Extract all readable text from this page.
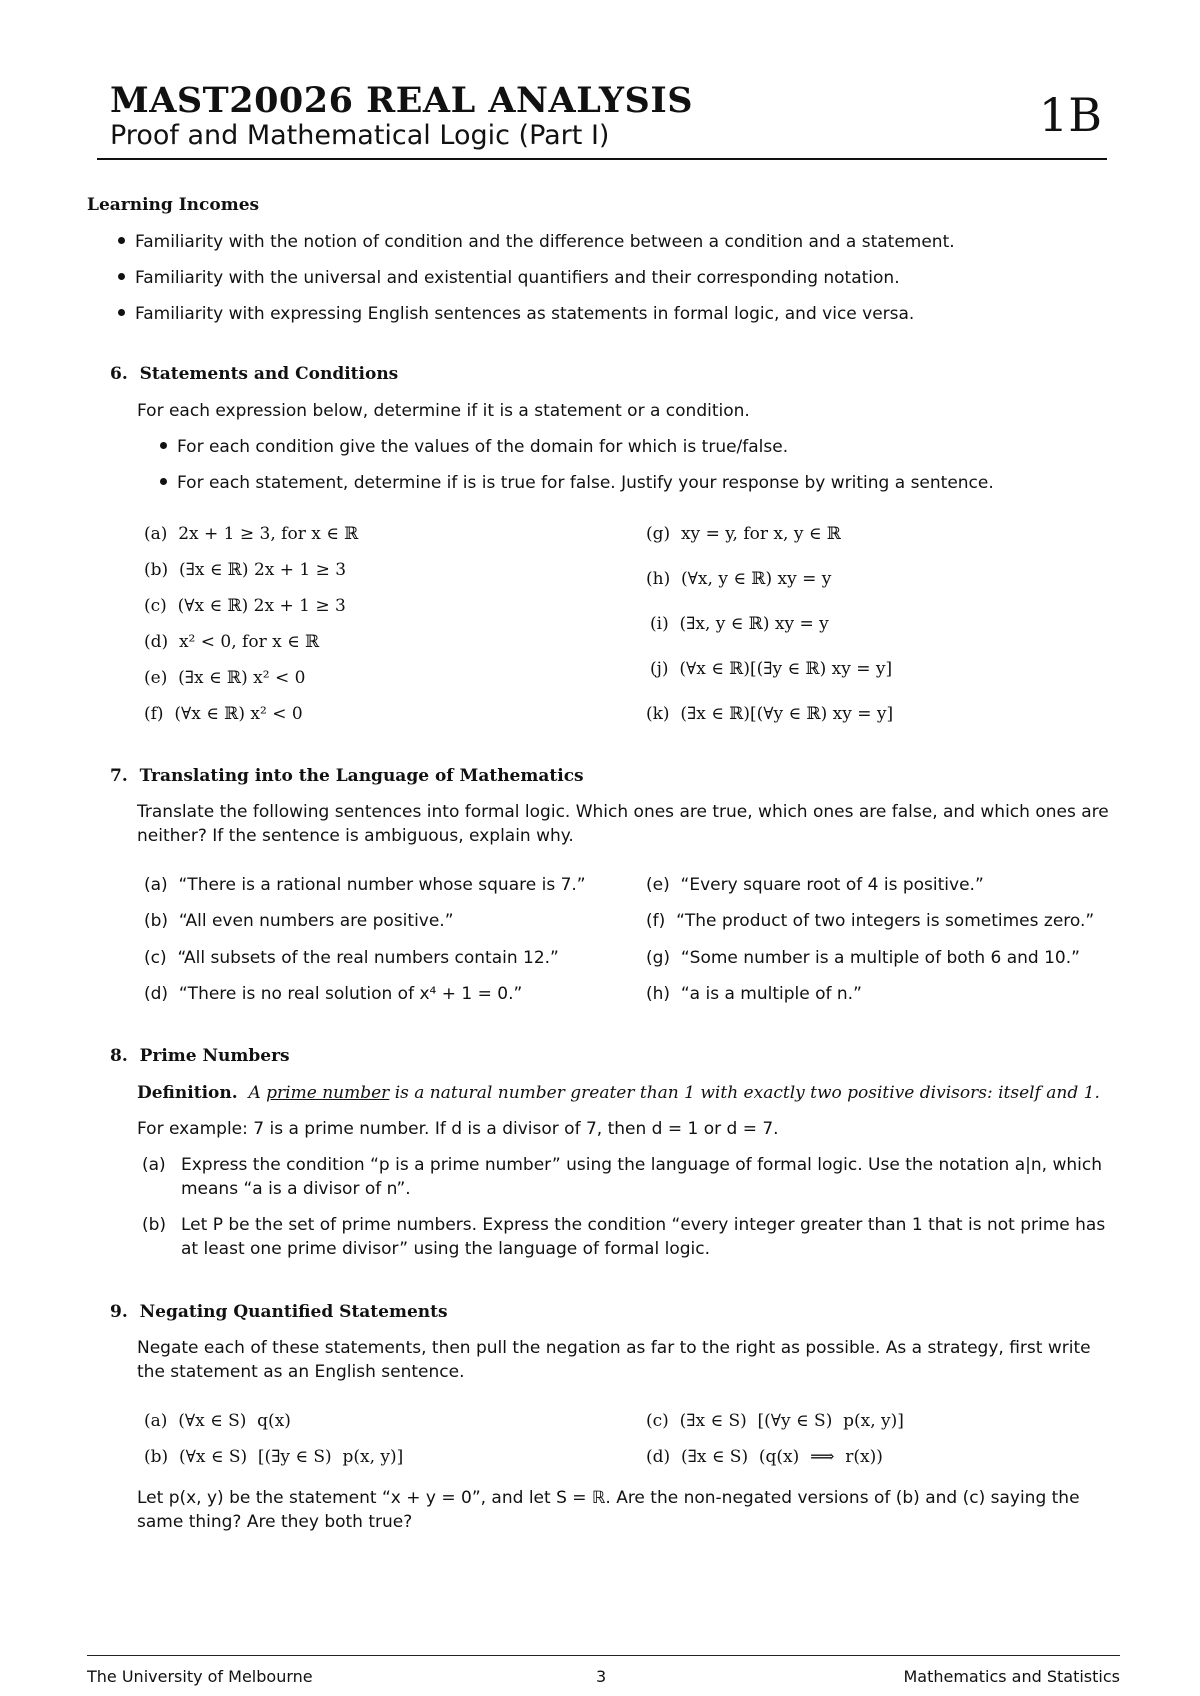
MAST20026 REAL ANALYSIS
Proof and Mathematical Logic (Part I)	1B
Learning Incomes
Familiarity with the notion of condition and the difference between a condition and a statement.
Familiarity with the universal and existential quantifiers and their corresponding notation.
Familiarity with expressing English sentences as statements in formal logic, and vice versa.
6. Statements and Conditions
For each expression below, determine if it is a statement or a condition.
For each condition give the values of the domain for which is true/false.
For each statement, determine if is is true for false. Justify your response by writing a sentence.
(a) 2x + 1 ≥ 3, for x ∈ ℝ
(b) (∃x ∈ ℝ) 2x + 1 ≥ 3
(c) (∀x ∈ ℝ) 2x + 1 ≥ 3
(d) x² < 0, for x ∈ ℝ
(e) (∃x ∈ ℝ) x² < 0
(f) (∀x ∈ ℝ) x² < 0
(g) xy = y, for x, y ∈ ℝ
(h) (∀x, y ∈ ℝ) xy = y
(i) (∃x, y ∈ ℝ) xy = y
(j) (∀x ∈ ℝ)[(∃y ∈ ℝ) xy = y]
(k) (∃x ∈ ℝ)[(∀y ∈ ℝ) xy = y]
7. Translating into the Language of Mathematics
Translate the following sentences into formal logic. Which ones are true, which ones are false, and which ones are neither? If the sentence is ambiguous, explain why.
(a) “There is a rational number whose square is 7.”
(b) “All even numbers are positive.”
(c) “All subsets of the real numbers contain 12.”
(d) “There is no real solution of x⁴ + 1 = 0.”
(e) “Every square root of 4 is positive.”
(f) “The product of two integers is sometimes zero.”
(g) “Some number is a multiple of both 6 and 10.”
(h) “a is a multiple of n.”
8. Prime Numbers
Definition. A prime number is a natural number greater than 1 with exactly two positive divisors: itself and 1.
For example: 7 is a prime number. If d is a divisor of 7, then d = 1 or d = 7.
(a) Express the condition “p is a prime number” using the language of formal logic. Use the notation a|n, which means “a is a divisor of n”.
(b) Let P be the set of prime numbers. Express the condition “every integer greater than 1 that is not prime has at least one prime divisor” using the language of formal logic.
9. Negating Quantified Statements
Negate each of these statements, then pull the negation as far to the right as possible. As a strategy, first write the statement as an English sentence.
(a) (∀x ∈ S)  q(x)
(b) (∀x ∈ S)  [(∃y ∈ S)  p(x, y)]
(c) (∃x ∈ S)  [(∀y ∈ S)  p(x, y)]
(d) (∃x ∈ S)  (q(x)  ⟹  r(x))
Let p(x, y) be the statement “x + y = 0”, and let S = ℝ. Are the non-negated versions of (b) and (c) saying the same thing? Are they both true?
The University of Melbourne	3	Mathematics and Statistics
